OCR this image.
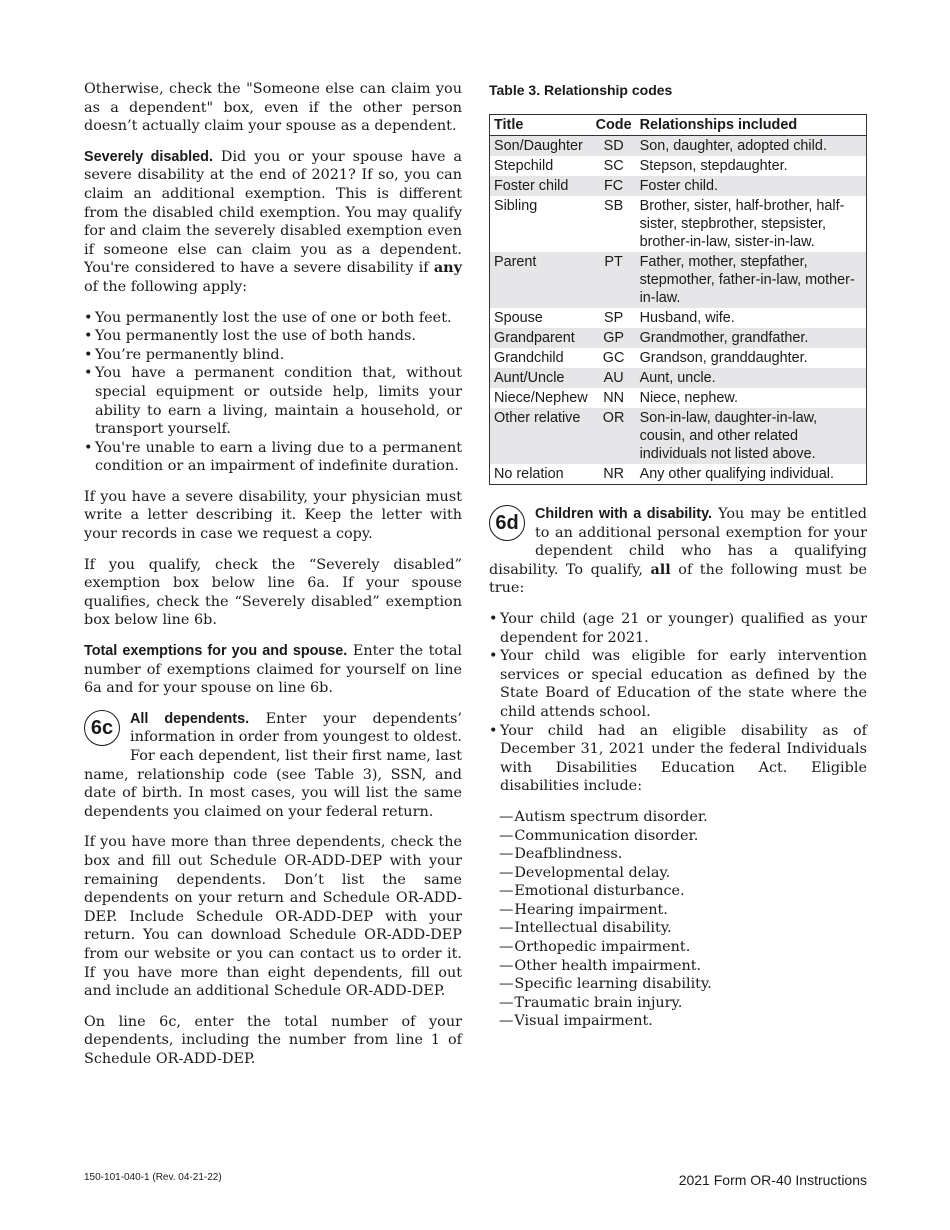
Otherwise, check the "Someone else can claim you as a dependent" box, even if the other person doesn’t actually claim your spouse as a dependent.

Severely disabled. Did you or your spouse have a severe disability at the end of 2021? If so, you can claim an additional exemption. This is different from the disabled child exemption. You may qualify for and claim the severely disabled exemption even if someone else can claim you as a dependent. You're considered to have a severe disability if any of the following apply:

• You permanently lost the use of one or both feet.
• You permanently lost the use of both hands.
• You’re permanently blind.
• You have a permanent condition that, without special equipment or outside help, limits your ability to earn a living, maintain a household, or transport yourself.
• You're unable to earn a living due to a permanent condition or an impairment of indefinite duration.

If you have a severe disability, your physician must write a letter describing it. Keep the letter with your records in case we request a copy.

If you qualify, check the “Severely disabled” exemption box below line 6a. If your spouse qualifies, check the “Severely disabled” exemption box below line 6b.

Total exemptions for you and spouse. Enter the total number of exemptions claimed for yourself on line 6a and for your spouse on line 6b.

6c	All dependents. Enter your dependents’ information in order from youngest to oldest. For each dependent, list their first name, last name, relationship code (see Table 3), SSN, and date of birth. In most cases, you will list the same dependents you claimed on your federal return.

If you have more than three dependents, check the box and fill out Schedule OR-ADD-DEP with your remaining dependents. Don’t list the same dependents on your return and Schedule OR-ADD-DEP. Include Schedule OR-ADD-DEP with your return. You can download Schedule OR-ADD-DEP from our website or you can contact us to order it. If you have more than eight dependents, fill out and include an additional Schedule OR-ADD-DEP.

On line 6c, enter the total number of your dependents, including the number from line 1 of Schedule OR-ADD-DEP.

Table 3. Relationship codes
Title	Code	Relationships included
Son/Daughter	SD	Son, daughter, adopted child.
Stepchild	SC	Stepson, stepdaughter.
Foster child	FC	Foster child.
Sibling	SB	Brother, sister, half-brother, half-sister, stepbrother, stepsister, brother-in-law, sister-in-law.
Parent	PT	Father, mother, stepfather, stepmother, father-in-law, mother-in-law.
Spouse	SP	Husband, wife.
Grandparent	GP	Grandmother, grandfather.
Grandchild	GC	Grandson, granddaughter.
Aunt/Uncle	AU	Aunt, uncle.
Niece/Nephew	NN	Niece, nephew.
Other relative	OR	Son-in-law, daughter-in-law, cousin, and other related individuals not listed above.
No relation	NR	Any other qualifying individual.

6d	Children with a disability. You may be entitled to an additional personal exemption for your dependent child who has a qualifying disability. To qualify, all of the following must be true:

• Your child (age 21 or younger) qualified as your dependent for 2021.
• Your child was eligible for early intervention services or special education as defined by the State Board of Education of the state where the child attends school.
• Your child had an eligible disability as of December 31, 2021 under the federal Individuals with Disabilities Education Act. Eligible disabilities include:
— Autism spectrum disorder.
— Communication disorder.
— Deafblindness.
— Developmental delay.
— Emotional disturbance.
— Hearing impairment.
— Intellectual disability.
— Orthopedic impairment.
— Other health impairment.
— Specific learning disability.
— Traumatic brain injury.
— Visual impairment.
150-101-040-1 (Rev. 04-21-22)	2021 Form OR-40 Instructions
